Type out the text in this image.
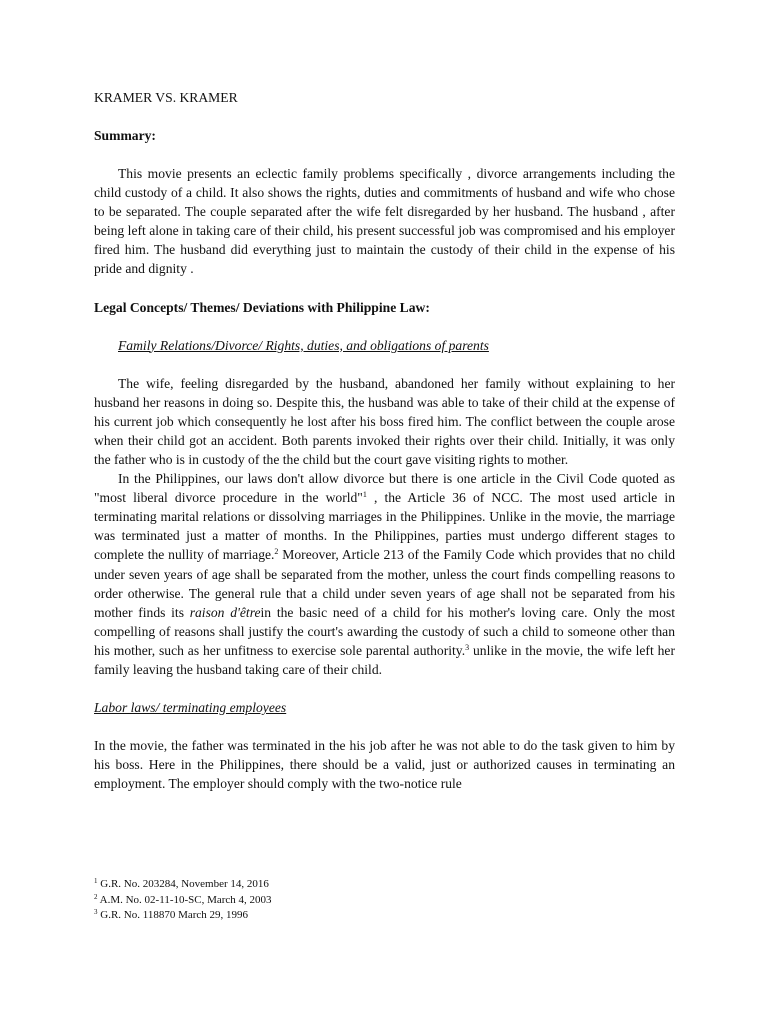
KRAMER VS. KRAMER

Summary:

This movie presents an eclectic family problems specifically , divorce arrangements including the child custody of a child. It also shows the rights, duties and commitments of husband and wife who chose to be separated. The couple separated after the wife felt disregarded by her husband. The husband , after being left alone in taking care of their child, his present successful job was compromised and his employer fired him. The husband did everything just to maintain the custody of their child in the expense of his pride and dignity .

Legal Concepts/ Themes/ Deviations with Philippine Law:

Family Relations/Divorce/ Rights, duties, and obligations of parents

The wife, feeling disregarded by the husband, abandoned her family without explaining to her husband her reasons in doing so. Despite this, the husband was able to take of their child at the expense of his current job which consequently he lost after his boss fired him. The conflict between the couple arose when their child got an accident. Both parents invoked their rights over their child. Initially, it was only the father who is in custody of the the child but the court gave visiting rights to mother.

In the Philippines, our laws don't allow divorce but there is one article in the Civil Code quoted as "most liberal divorce procedure in the world"$^1$ , the Article 36 of NCC. The most used article in terminating marital relations or dissolving marriages in the Philippines. Unlike in the movie, the marriage was terminated just a matter of months. In the Philippines, parties must undergo different stages to complete the nullity of marriage.$^2$ Moreover, Article 213 of the Family Code which provides that no child under seven years of age shall be separated from the mother, unless the court finds compelling reasons to order otherwise. The general rule that a child under seven years of age shall not be separated from his mother finds its raison d'êtrein the basic need of a child for his mother's loving care. Only the most compelling of reasons shall justify the court's awarding the custody of such a child to someone other than his mother, such as her unfitness to exercise sole parental authority.$^3$ unlike in the movie, the wife left her family leaving the husband taking care of their child.

Labor laws/ terminating employees

In the movie, the father was terminated in the his job after he was not able to do the task given to him by his boss. Here in the Philippines, there should be a valid, just or authorized causes in terminating an employment. The employer should comply with the two-notice rule

$^1$ G.R. No. 203284, November 14, 2016
$^2$ A.M. No. 02-11-10-SC, March 4, 2003
$^3$ G.R. No. 118870 March 29, 1996
